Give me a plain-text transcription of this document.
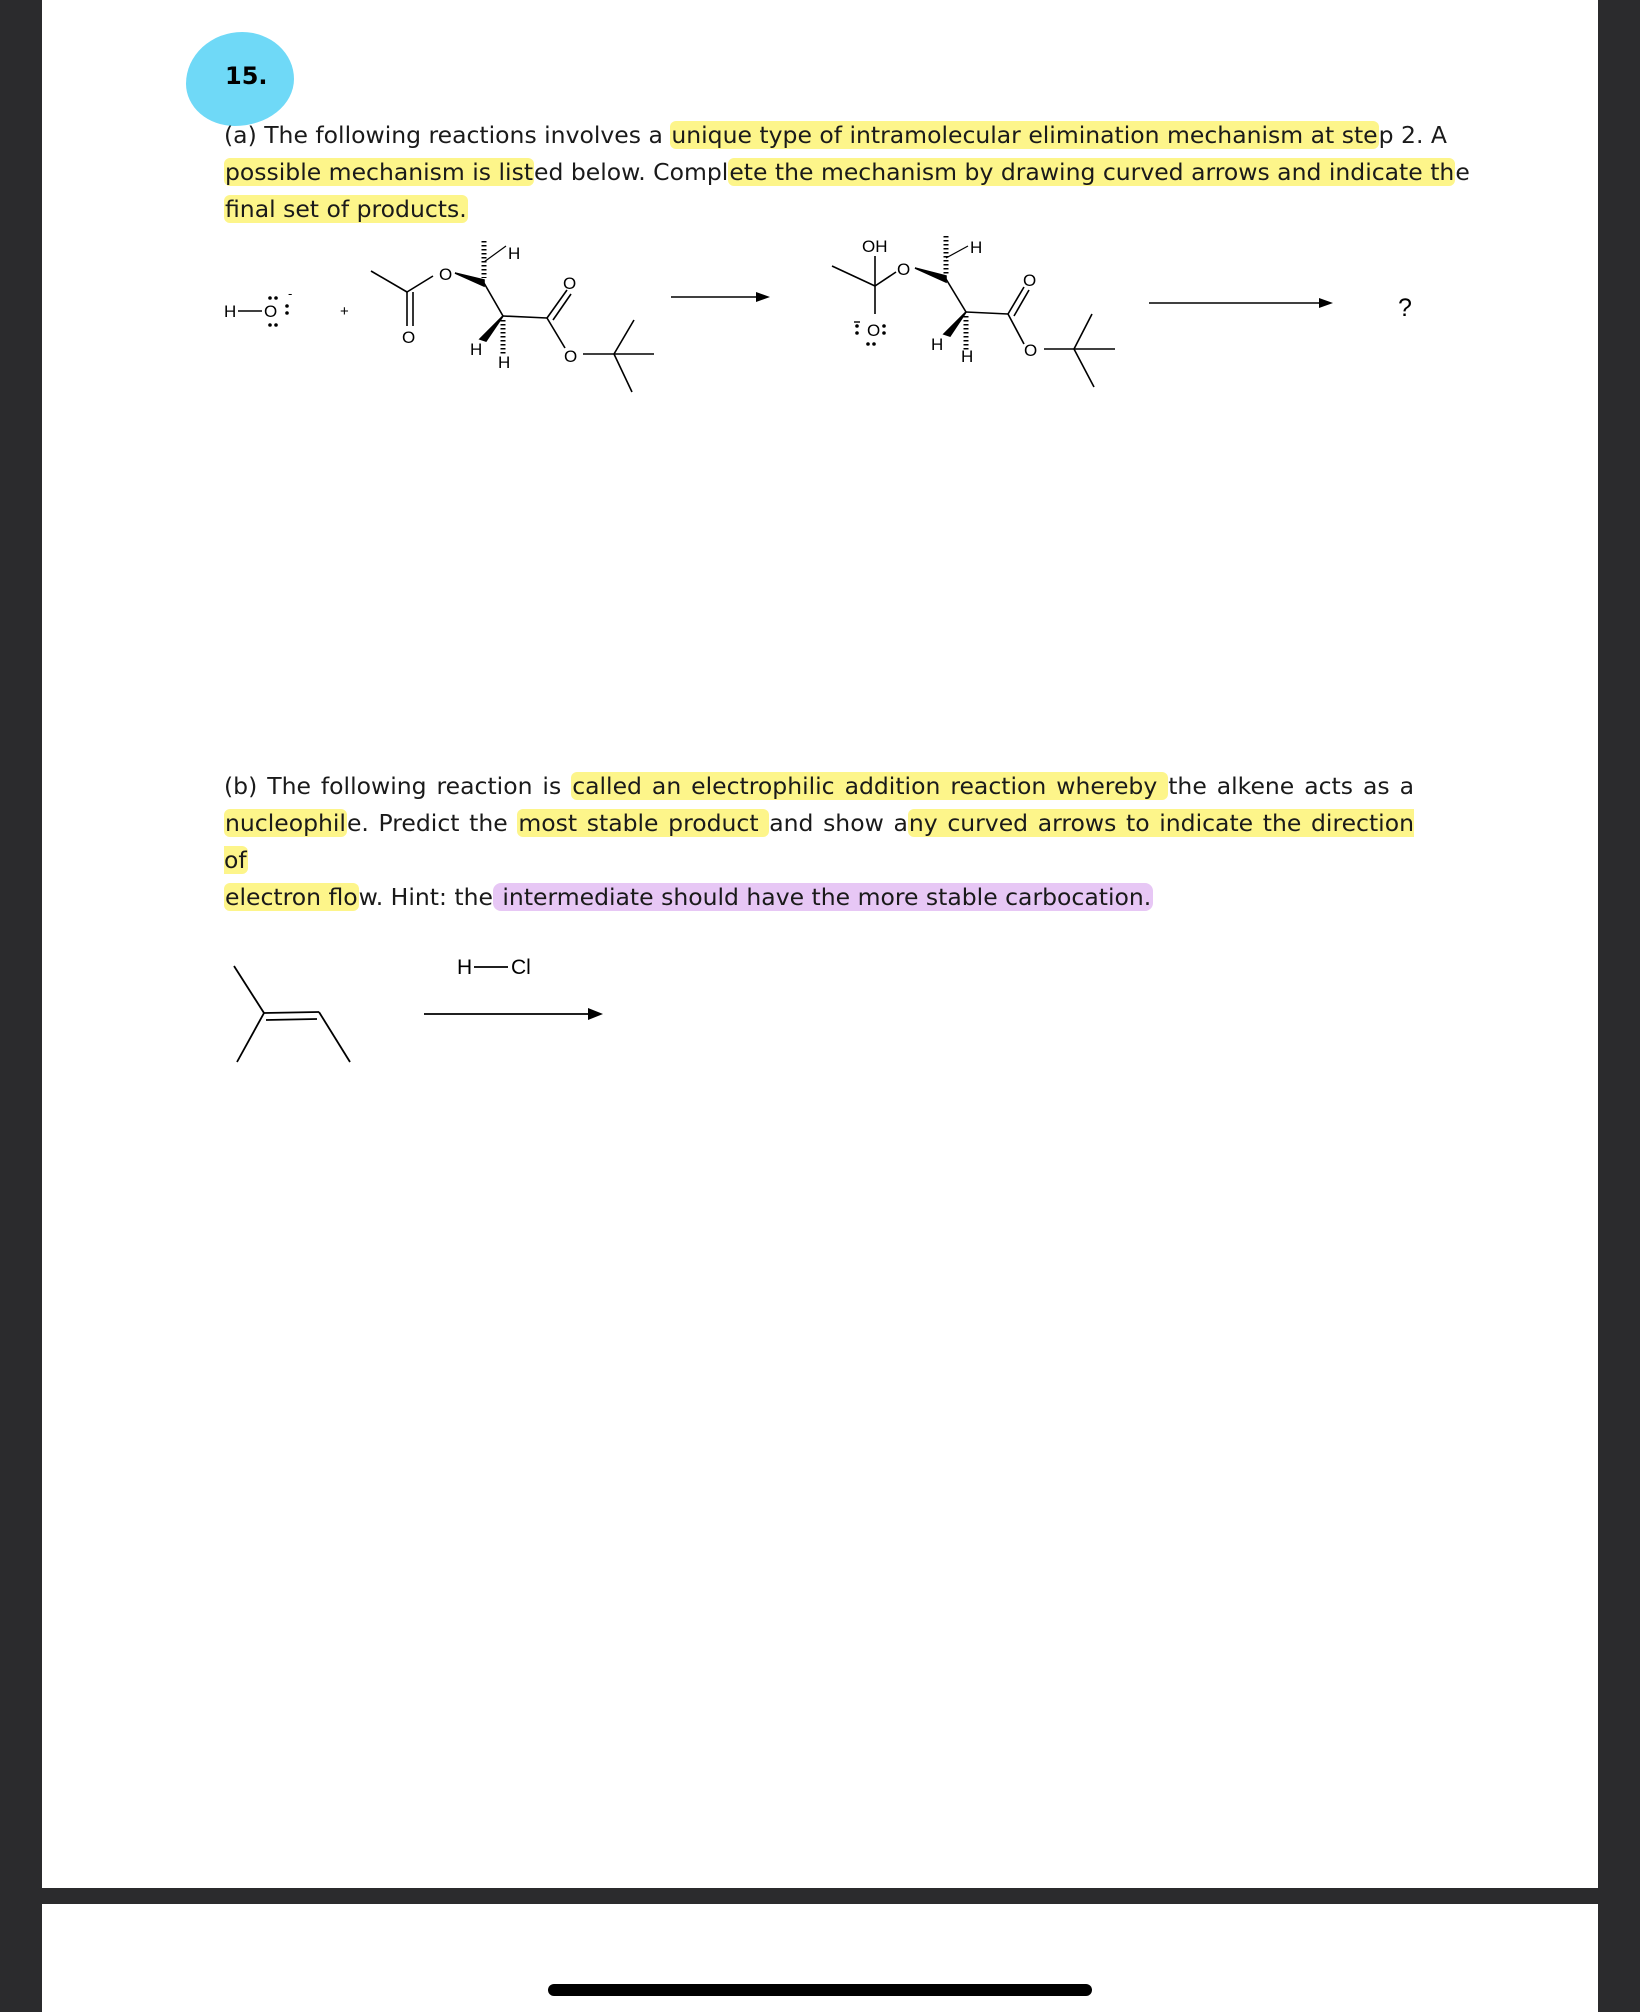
15.
(a) The following reactions involves a unique type of intramolecular elimination mechanism at step 2. A
possible mechanism is listed below. Complete the mechanism by drawing curved arrows and indicate the
final set of products.
H O
-
+
O
O
H
H
H
O
O
OH
O
O
H
H
H
O
O
?
(b) The following reaction is called an electrophilic addition reaction whereby the alkene acts as a
nucleophile. Predict the most stable product and show any curved arrows to indicate the direction of
electron flow. Hint: the intermediate should have the more stable carbocation.
H Cl
